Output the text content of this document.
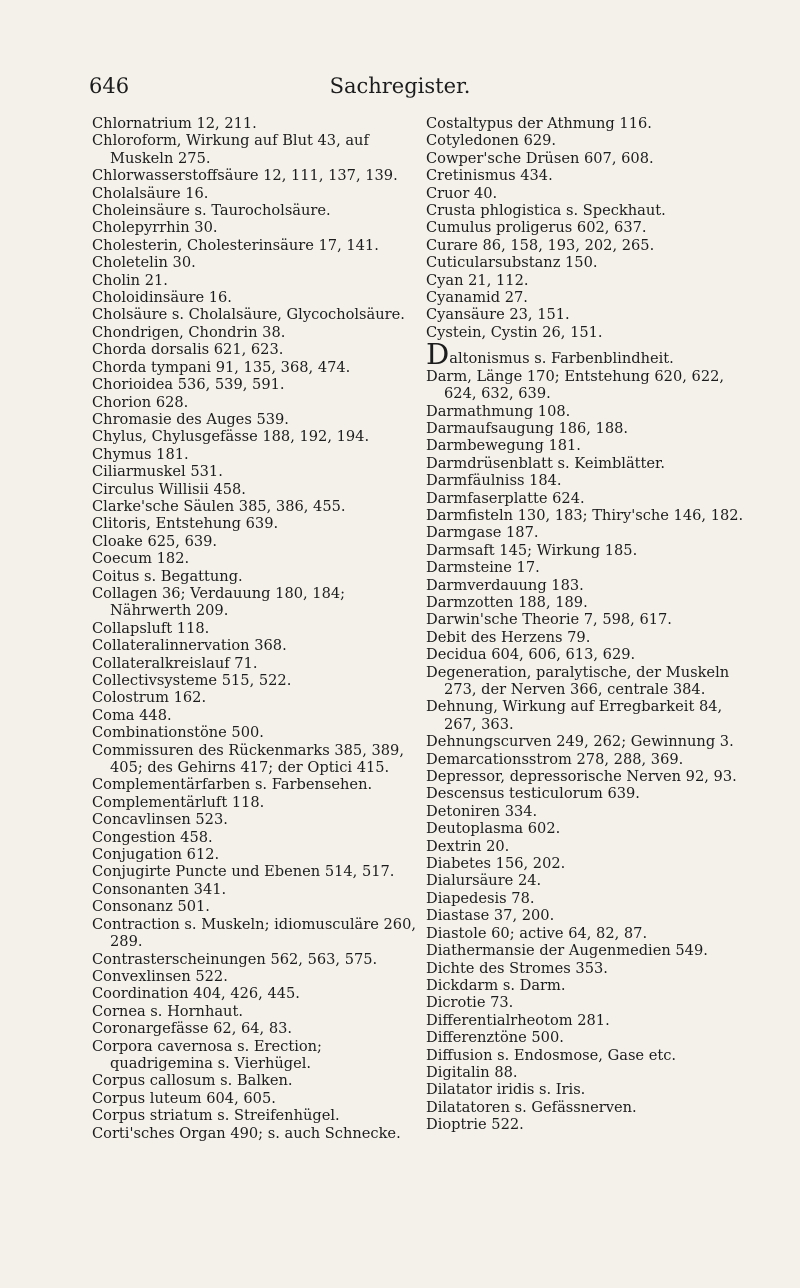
646	Sachregister.

Chlornatrium 12, 211.

Chloroform, Wirkung auf Blut 43, auf Muskeln 275.

Chlorwasserstoffsäure 12, 111, 137, 139.

Cholalsäure 16.

Choleinsäure s. Taurocholsäure.

Cholepyrrhin 30.

Cholesterin, Cholesterinsäure 17, 141.

Choletelin 30.

Cholin 21.

Choloidinsäure 16.

Cholsäure s. Cholalsäure, Glycocholsäure.

Chondrigen, Chondrin 38.

Chorda dorsalis 621, 623.

Chorda tympani 91, 135, 368, 474.

Chorioidea 536, 539, 591.

Chorion 628.

Chromasie des Auges 539.

Chylus, Chylusgefässe 188, 192, 194.

Chymus 181.

Ciliarmuskel 531.

Circulus Willisii 458.

Clarke'sche Säulen 385, 386, 455.

Clitoris, Entstehung 639.

Cloake 625, 639.

Coecum 182.

Coitus s. Begattung.

Collagen 36; Verdauung 180, 184; Nährwerth 209.

Collapsluft 118.

Collateralinnervation 368.

Collateralkreislauf 71.

Collectivsysteme 515, 522.

Colostrum 162.

Coma 448.

Combinationstöne 500.

Commissuren des Rückenmarks 385, 389, 405; des Gehirns 417; der Optici 415.

Complementärfarben s. Farbensehen.

Complementärluft 118.

Concavlinsen 523.

Congestion 458.

Conjugation 612.

Conjugirte Puncte und Ebenen 514, 517.

Consonanten 341.

Consonanz 501.

Contraction s. Muskeln; idiomusculäre 260, 289.

Contrasterscheinungen 562, 563, 575.

Convexlinsen 522.

Coordination 404, 426, 445.

Cornea s. Hornhaut.

Coronargefässe 62, 64, 83.

Corpora cavernosa s. Erection; quadrigemina s. Vierhügel.

Corpus callosum s. Balken.

Corpus luteum 604, 605.

Corpus striatum s. Streifenhügel.

Corti'sches Organ 490; s. auch Schnecke.

Costaltypus der Athmung 116.

Cotyledonen 629.

Cowper'sche Drüsen 607, 608.

Cretinismus 434.

Cruor 40.

Crusta phlogistica s. Speckhaut.

Cumulus proligerus 602, 637.

Curare 86, 158, 193, 202, 265.

Cuticularsubstanz 150.

Cyan 21, 112.

Cyanamid 27.

Cyansäure 23, 151.

Cystein, Cystin 26, 151.

Daltonismus s. Farbenblindheit.

Darm, Länge 170; Entstehung 620, 622, 624, 632, 639.

Darmathmung 108.

Darmaufsaugung 186, 188.

Darmbewegung 181.

Darmdrüsenblatt s. Keimblätter.

Darmfäulniss 184.

Darmfaserplatte 624.

Darmfisteln 130, 183; Thiry'sche 146, 182.

Darmgase 187.

Darmsaft 145; Wirkung 185.

Darmsteine 17.

Darmverdauung 183.

Darmzotten 188, 189.

Darwin'sche Theorie 7, 598, 617.

Debit des Herzens 79.

Decidua 604, 606, 613, 629.

Degeneration, paralytische, der Muskeln 273, der Nerven 366, centrale 384.

Dehnung, Wirkung auf Erregbarkeit 84, 267, 363.

Dehnungscurven 249, 262; Gewinnung 3.

Demarcationsstrom 278, 288, 369.

Depressor, depressorische Nerven 92, 93.

Descensus testiculorum 639.

Detoniren 334.

Deutoplasma 602.

Dextrin 20.

Diabetes 156, 202.

Dialursäure 24.

Diapedesis 78.

Diastase 37, 200.

Diastole 60; active 64, 82, 87.

Diathermansie der Augenmedien 549.

Dichte des Stromes 353.

Dickdarm s. Darm.

Dicrotie 73.

Differentialrheotom 281.

Differenztöne 500.

Diffusion s. Endosmose, Gase etc.

Digitalin 88.

Dilatator iridis s. Iris.

Dilatatoren s. Gefässnerven.

Dioptrie 522.
